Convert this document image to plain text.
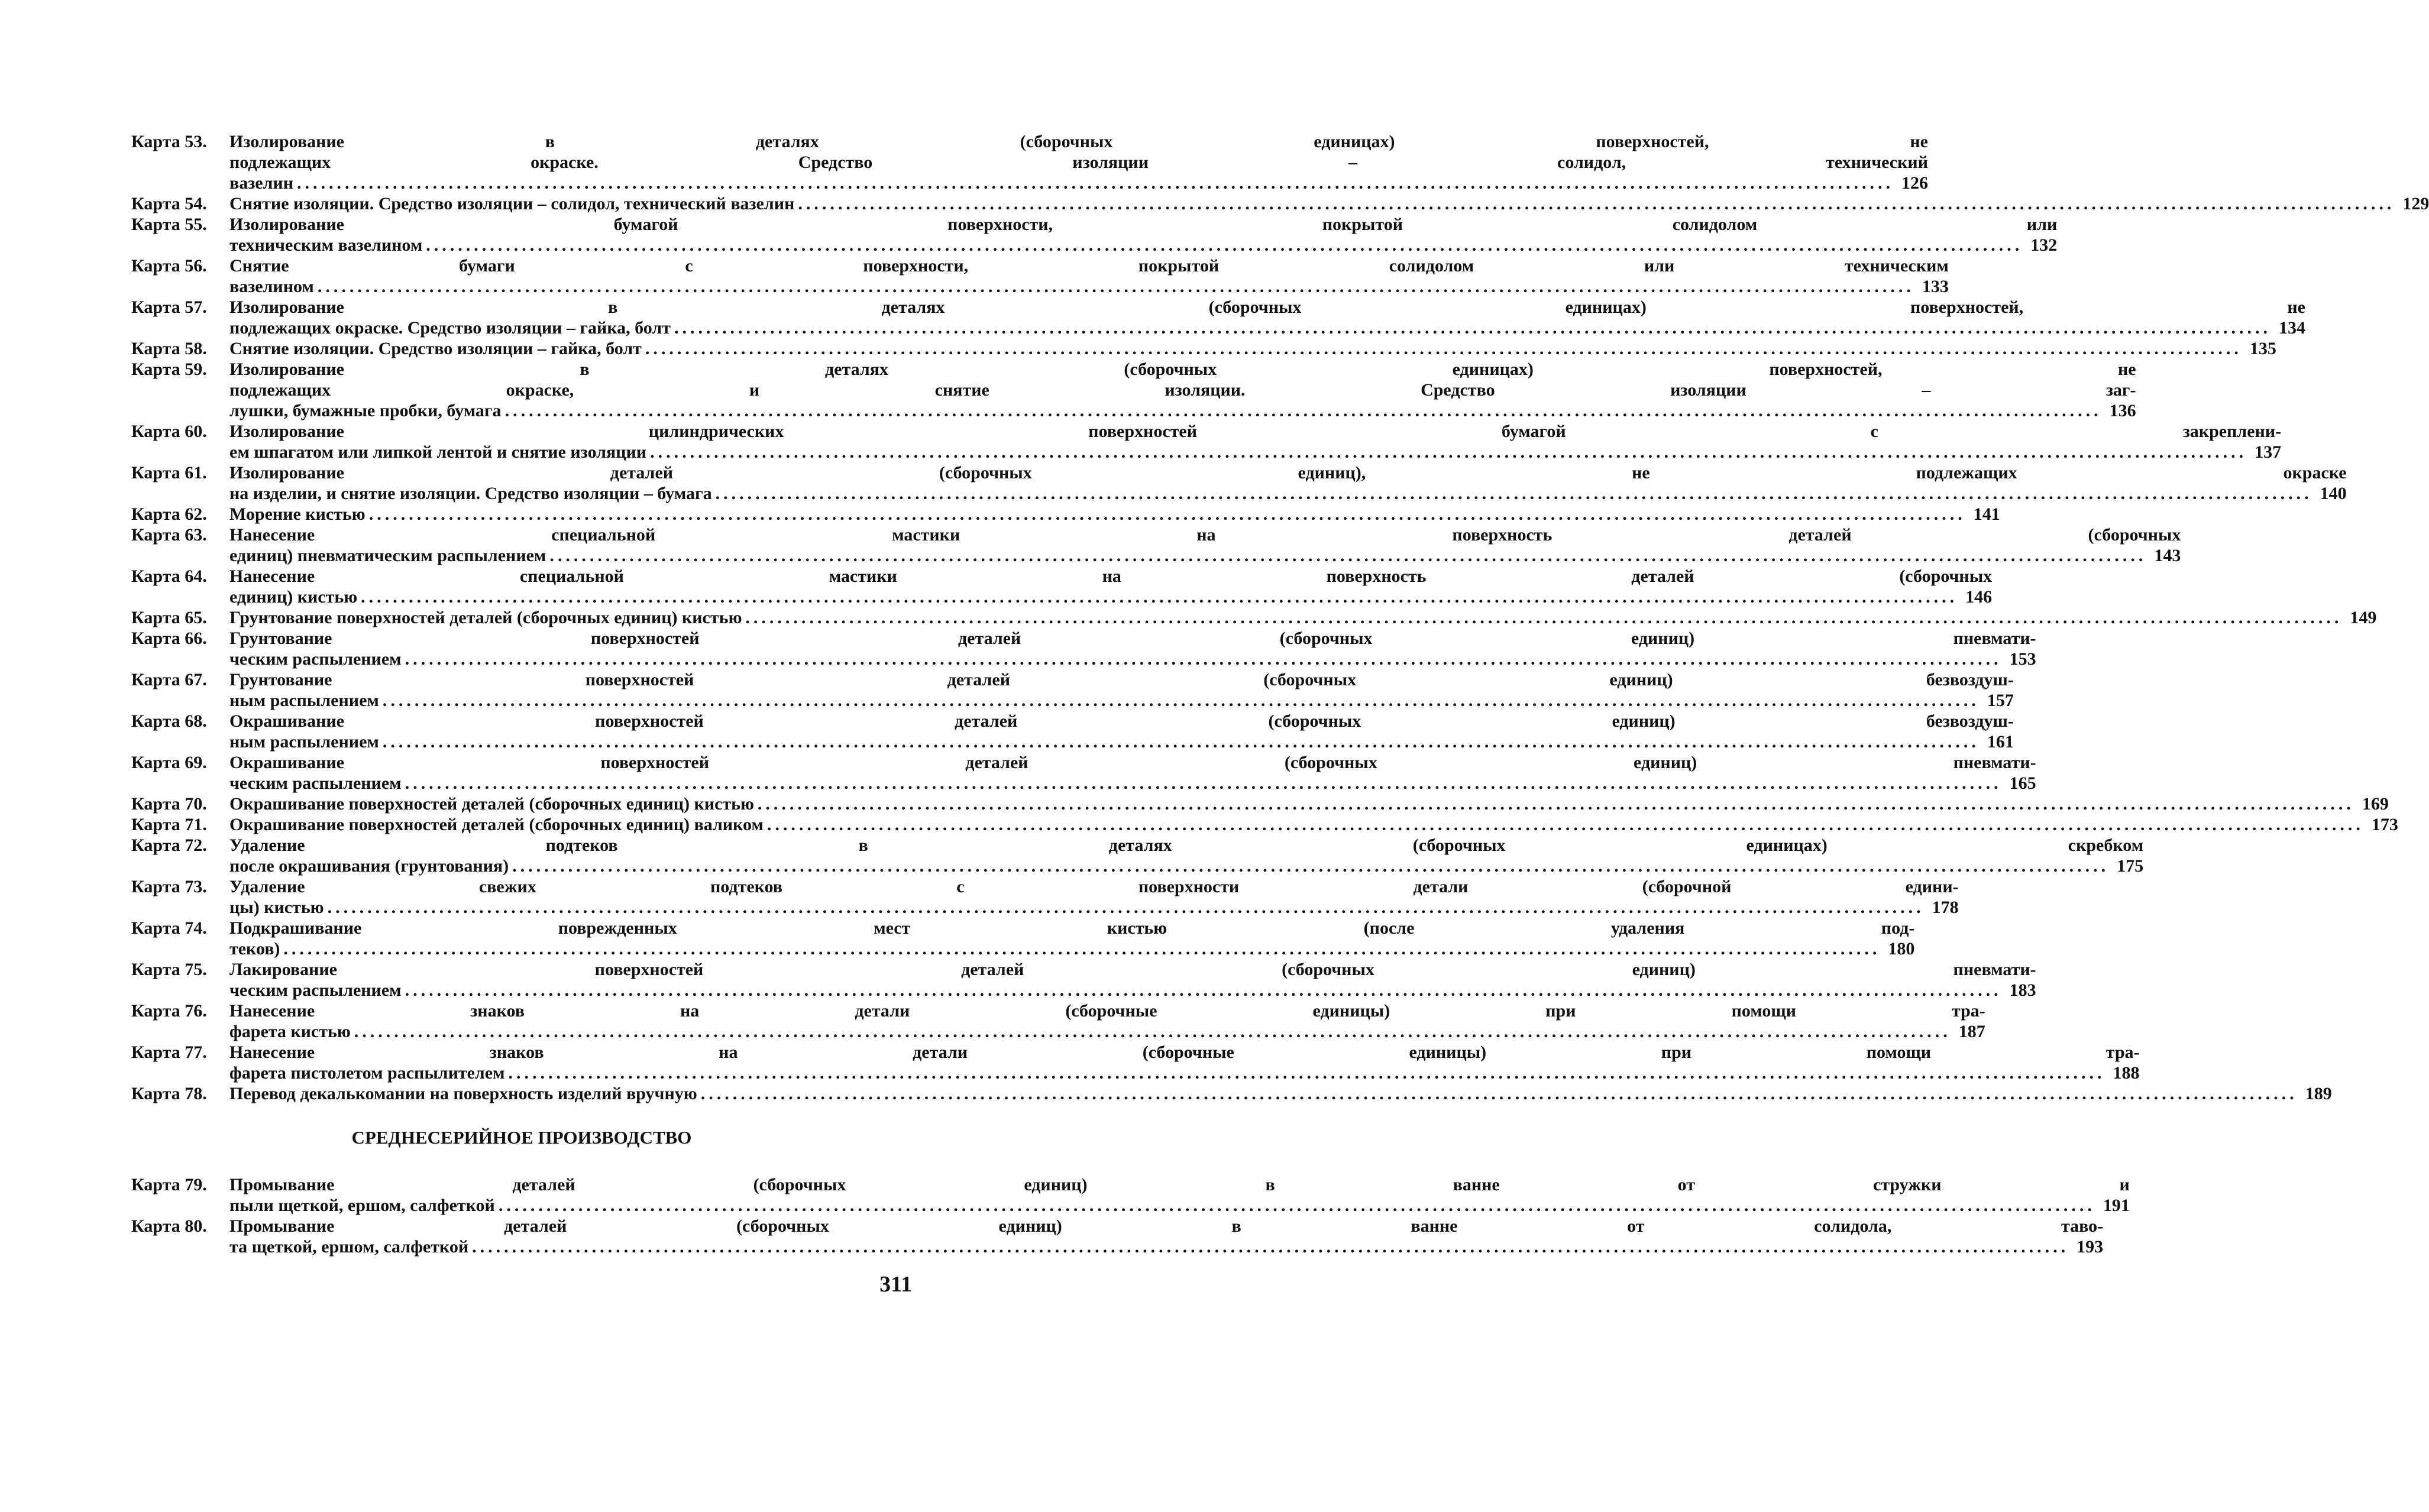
Карта 53.	Изолирование в деталях (сборочных единицах) поверхностей, не
подлежащих окраске. Средство изоляции – солидол, технический
вазелин ........................................................................................................................................................................................................ 126
Карта 54.	Снятие изоляции. Средство изоляции – солидол, технический вазелин ........................................................................................................................................................................................................ 129
Карта 55.	Изолирование бумагой поверхности, покрытой солидолом или
техническим вазелином ........................................................................................................................................................................................................ 132
Карта 56.	Снятие бумаги с поверхности, покрытой солидолом или техническим
вазелином ........................................................................................................................................................................................................ 133
Карта 57.	Изолирование в деталях (сборочных единицах) поверхностей, не
подлежащих окраске. Средство изоляции – гайка, болт ........................................................................................................................................................................................................ 134
Карта 58.	Снятие изоляции. Средство изоляции – гайка, болт ........................................................................................................................................................................................................ 135
Карта 59.	Изолирование в деталях (сборочных единицах) поверхностей, не
подлежащих окраске, и снятие изоляции. Средство изоляции – заг-
лушки, бумажные пробки, бумага ........................................................................................................................................................................................................ 136
Карта 60.	Изолирование цилиндрических поверхностей бумагой с закреплени-
ем шпагатом или липкой лентой и снятие изоляции ........................................................................................................................................................................................................ 137
Карта 61.	Изолирование деталей (сборочных единиц), не подлежащих окраске
на изделии, и снятие изоляции. Средство изоляции – бумага ........................................................................................................................................................................................................ 140
Карта 62.	Морение кистью ........................................................................................................................................................................................................ 141
Карта 63.	Нанесение специальной мастики на поверхность деталей (сборочных
единиц) пневматическим распылением ........................................................................................................................................................................................................ 143
Карта 64.	Нанесение специальной мастики на поверхность деталей (сборочных
единиц) кистью ........................................................................................................................................................................................................ 146
Карта 65.	Грунтование поверхностей деталей (сборочных единиц) кистью ........................................................................................................................................................................................................ 149
Карта 66.	Грунтование поверхностей деталей (сборочных единиц) пневмати-
ческим распылением ........................................................................................................................................................................................................ 153
Карта 67.	Грунтование поверхностей деталей (сборочных единиц) безвоздуш-
ным распылением ........................................................................................................................................................................................................ 157
Карта 68.	Окрашивание поверхностей деталей (сборочных единиц) безвоздуш-
ным распылением ........................................................................................................................................................................................................ 161
Карта 69.	Окрашивание поверхностей деталей (сборочных единиц) пневмати-
ческим распылением ........................................................................................................................................................................................................ 165
Карта 70.	Окрашивание поверхностей деталей (сборочных единиц) кистью ........................................................................................................................................................................................................ 169
Карта 71.	Окрашивание поверхностей деталей (сборочных единиц) валиком ........................................................................................................................................................................................................ 173
Карта 72.	Удаление подтеков в деталях (сборочных единицах) скребком
после окрашивания (грунтования) ........................................................................................................................................................................................................ 175
Карта 73.	Удаление свежих подтеков с поверхности детали (сборочной едини-
цы) кистью ........................................................................................................................................................................................................ 178
Карта 74.	Подкрашивание поврежденных мест кистью (после удаления под-
теков) ........................................................................................................................................................................................................ 180
Карта 75.	Лакирование поверхностей деталей (сборочных единиц) пневмати-
ческим распылением ........................................................................................................................................................................................................ 183
Карта 76.	Нанесение знаков на детали (сборочные единицы) при помощи тра-
фарета кистью ........................................................................................................................................................................................................ 187
Карта 77.	Нанесение знаков на детали (сборочные единицы) при помощи тра-
фарета пистолетом распылителем ........................................................................................................................................................................................................ 188
Карта 78.	Перевод декалькомании на поверхность изделий вручную ........................................................................................................................................................................................................ 189
СРЕДНЕСЕРИЙНОЕ ПРОИЗВОДСТВО
Карта 79.	Промывание деталей (сборочных единиц) в ванне от стружки и
пыли щеткой, ершом, салфеткой ........................................................................................................................................................................................................ 191
Карта 80.	Промывание деталей (сборочных единиц) в ванне от солидола, таво-
та щеткой, ершом, салфеткой ........................................................................................................................................................................................................ 193
311
